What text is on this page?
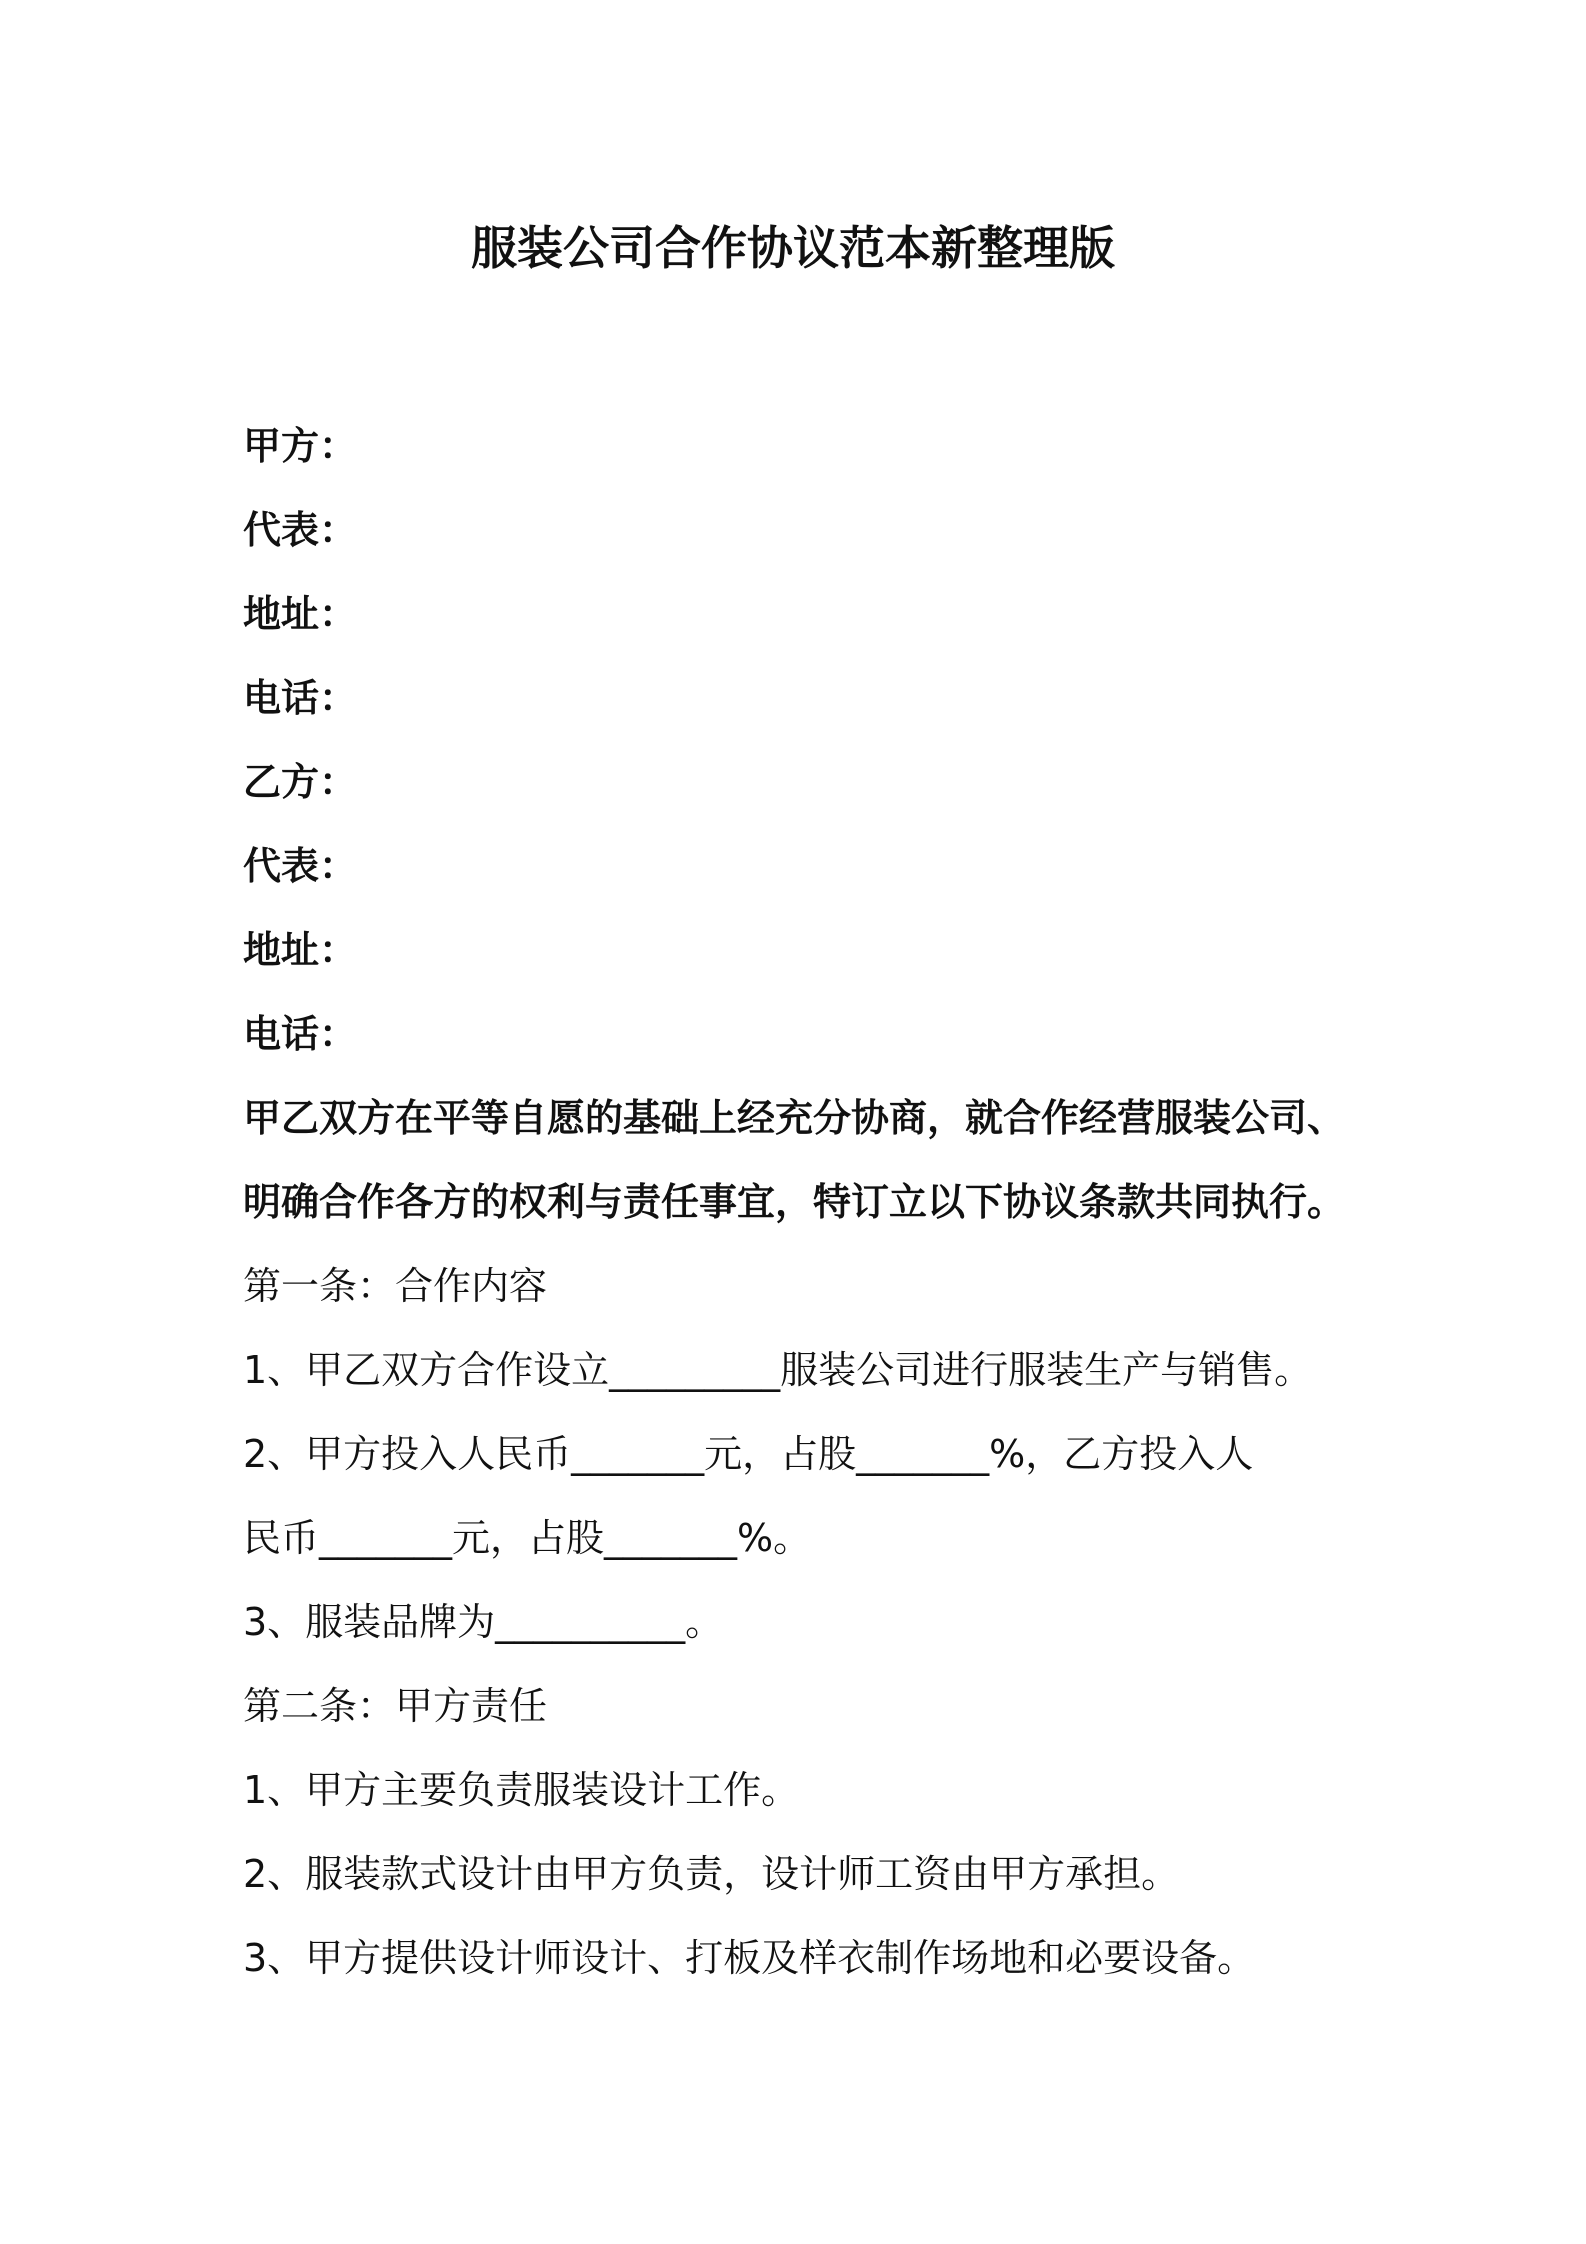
服装公司合作协议范本新整理版
甲方：
代表：
地址：
电话：
乙方：
代表：
地址：
电话：
甲乙双方在平等自愿的基础上经充分协商，就合作经营服装公司、
明确合作各方的权利与责任事宜，特订立以下协议条款共同执行。
第一条：合作内容
1、甲乙双方合作设立_________服装公司进行服装生产与销售。
2、甲方投入人民币_______元，占股_______%，乙方投入人
民币_______元，占股_______%。
3、服装品牌为__________。
第二条：甲方责任
1、甲方主要负责服装设计工作。
2、服装款式设计由甲方负责，设计师工资由甲方承担。
3、甲方提供设计师设计、打板及样衣制作场地和必要设备。
